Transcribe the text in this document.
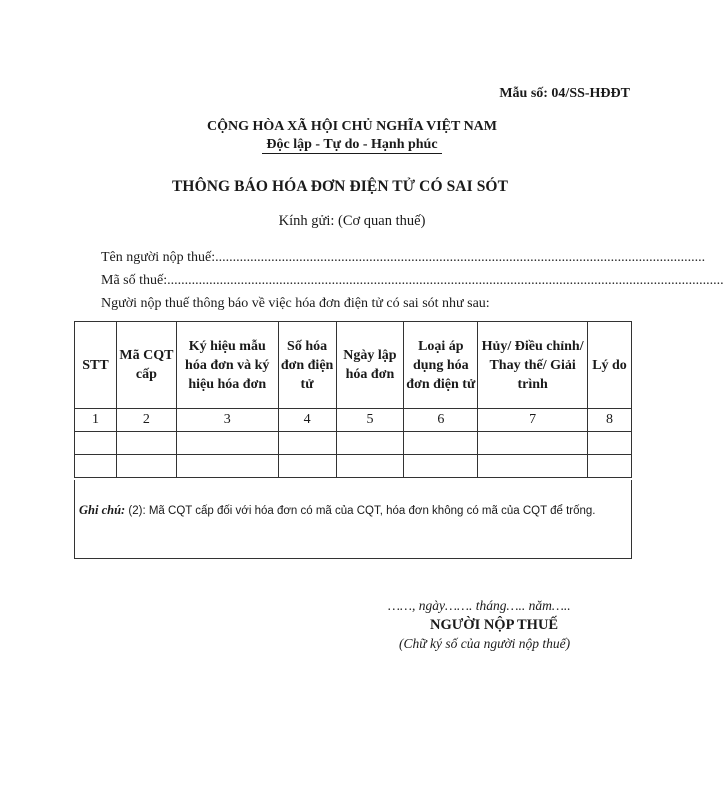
Mẫu số: 04/SS-HĐĐT
CỘNG HÒA XÃ HỘI CHỦ NGHĨA VIỆT NAM
Độc lập - Tự do - Hạnh phúc
THÔNG BÁO HÓA ĐƠN ĐIỆN TỬ CÓ SAI SÓT
Kính gửi: (Cơ quan thuế)
Tên người nộp thuế:............................................................................................................................................
Mã số thuế:...............................................................................................................................................................
Người nộp thuế thông báo về việc hóa đơn điện tử có sai sót như sau:
STT	Mã CQT cấp	Ký hiệu mẫu hóa đơn và ký hiệu hóa đơn	Số hóa đơn điện tử	Ngày lập hóa đơn	Loại áp dụng hóa đơn điện tử	Hủy/ Điều chỉnh/ Thay thế/ Giải trình	Lý do
1	2	3	4	5	6	7	8

Ghi chú: (2): Mã CQT cấp đối với hóa đơn có mã của CQT, hóa đơn không có mã của CQT để trống.
……, ngày……. tháng….. năm…..
NGƯỜI NỘP THUẾ
(Chữ ký số của người nộp thuế)
